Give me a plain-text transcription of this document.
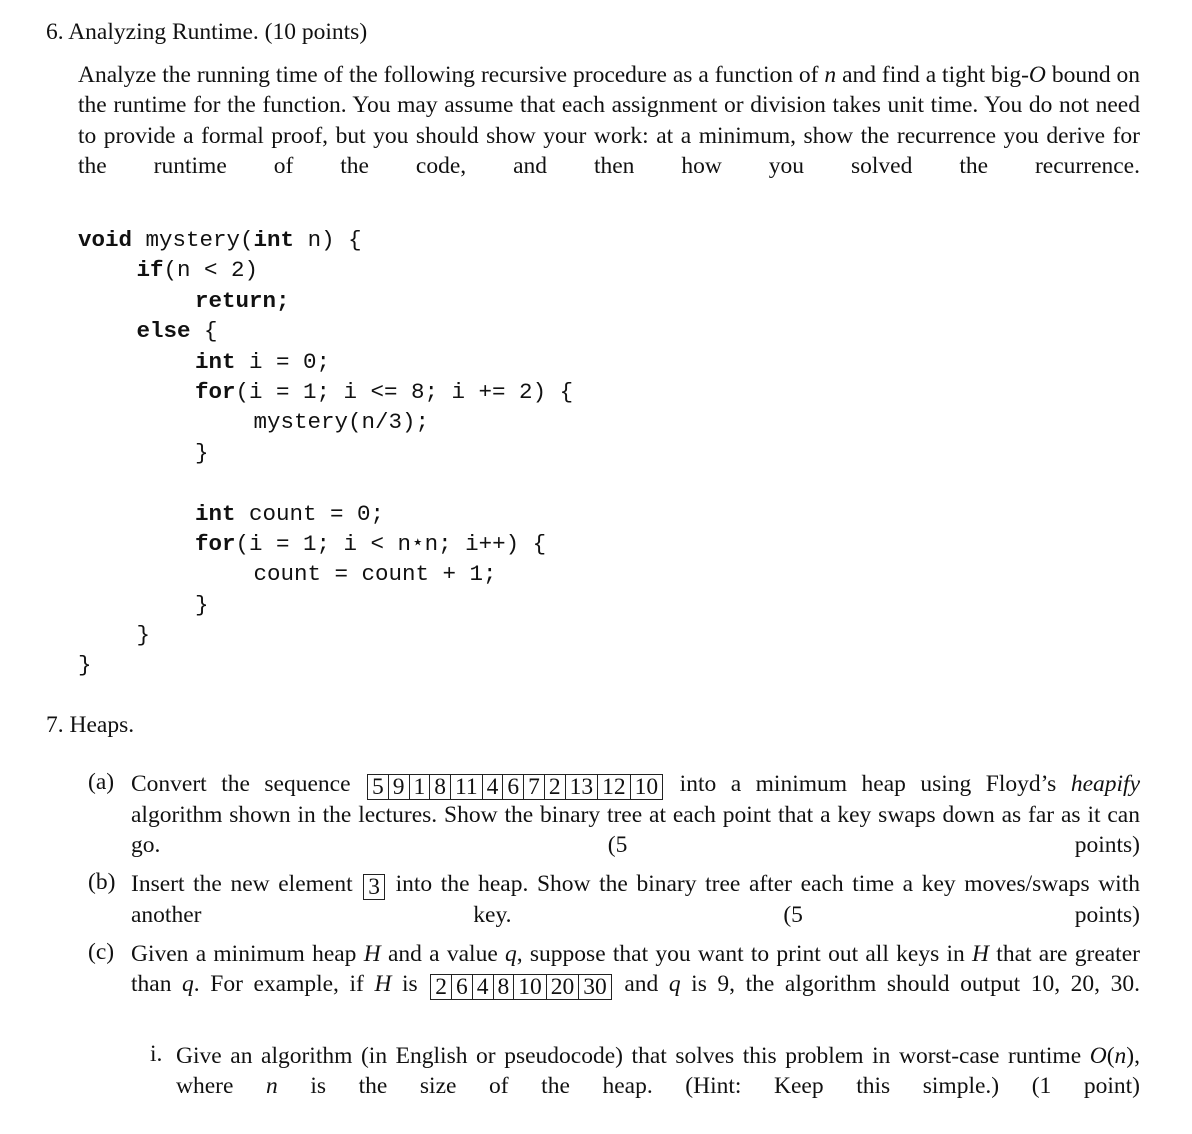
6. Analyzing Runtime. (10 points)
Analyze the running time of the following recursive procedure as a function of n and find a tight big-O bound on the runtime for the function. You may assume that each assignment or division takes unit time. You do not need to provide a formal proof, but you should show your work: at a minimum, show the recurrence you derive for the runtime of the code, and then how you solved the recurrence.
void mystery(int n) {
if(n < 2)
return;
else {
int i = 0;
for(i = 1; i <= 8; i += 2) {
mystery(n/3);
}
int count = 0;
for(i = 1; i < n⋆n; i++) {
count = count + 1;
}
}
}
7. Heaps.
(a) Convert the sequence 5 9 1 8 11 4 6 7 2 13 12 10 into a minimum heap using Floyd’s heapify algorithm shown in the lectures. Show the binary tree at each point that a key swaps down as far as it can go. (5 points)
(b) Insert the new element 3 into the heap. Show the binary tree after each time a key moves/swaps with another key. (5 points)
(c) Given a minimum heap H and a value q, suppose that you want to print out all keys in H that are greater than q. For example, if H is 2 6 4 8 10 20 30 and q is 9, the algorithm should output 10, 20, 30.
i. Give an algorithm (in English or pseudocode) that solves this problem in worst-case runtime O(n), where n is the size of the heap. (Hint: Keep this simple.) (1 point)
